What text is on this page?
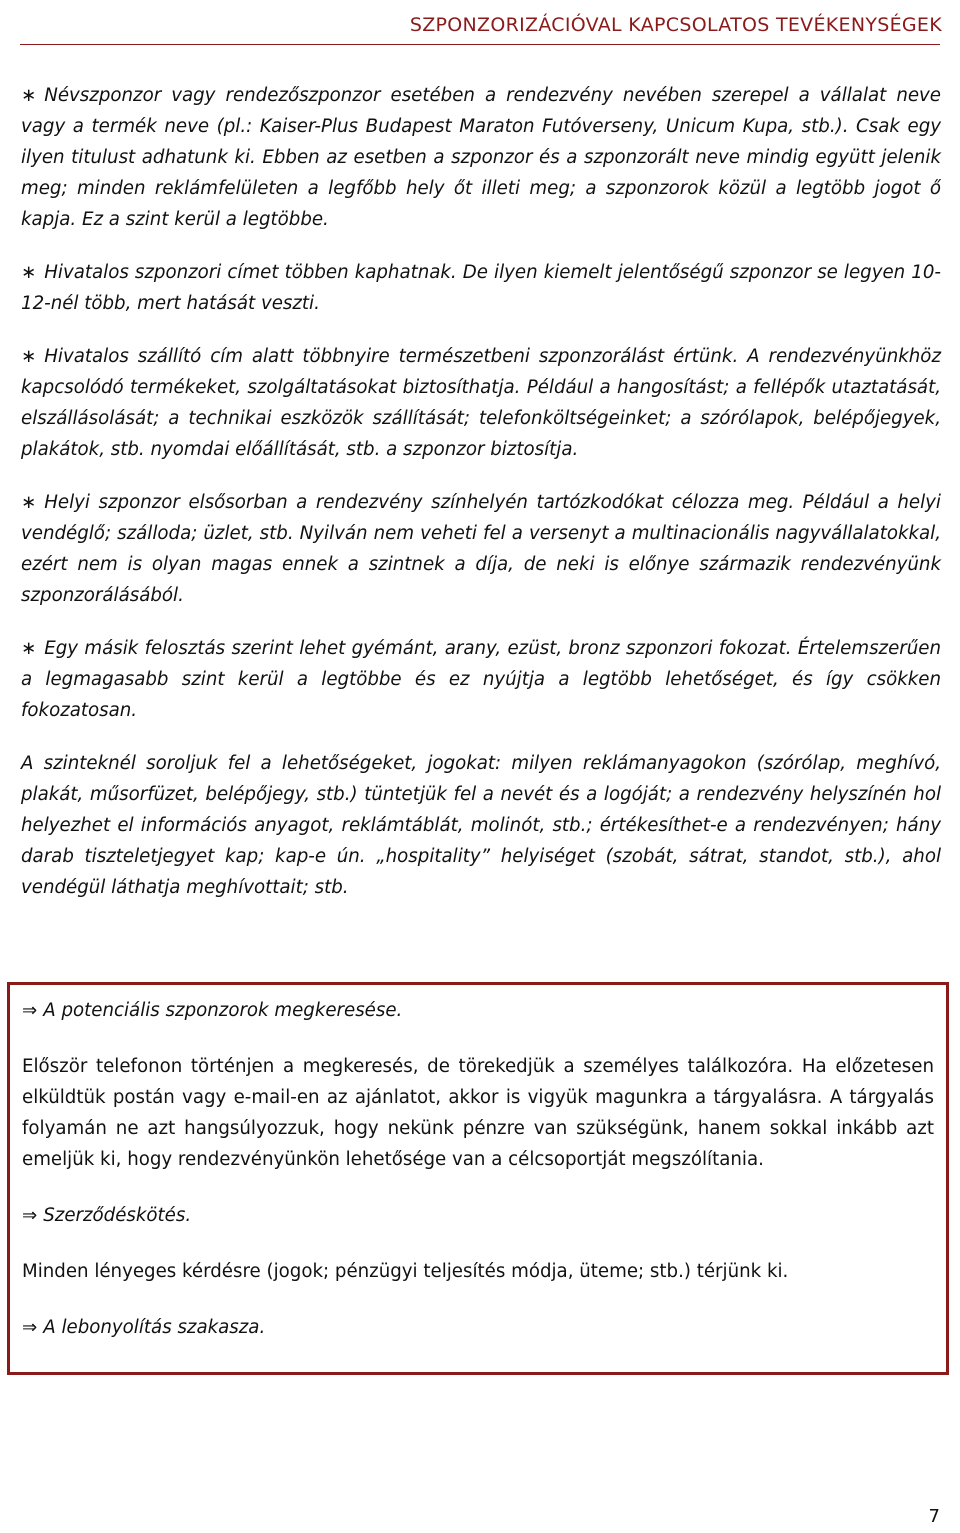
SZPONZORIZÁCIÓVAL KAPCSOLATOS TEVÉKENYSÉGEK

∗ Névszponzor vagy rendezőszponzor esetében a rendezvény nevében szerepel a vállalat neve vagy a termék neve (pl.: Kaiser-Plus Budapest Maraton Futóverseny, Unicum Kupa, stb.). Csak egy ilyen titulust adhatunk ki. Ebben az esetben a szponzor és a szponzorált neve mindig együtt jelenik meg; minden reklámfelületen a legfőbb hely őt illeti meg; a szponzorok közül a legtöbb jogot ő kapja. Ez a szint kerül a legtöbbe.

∗ Hivatalos szponzori címet többen kaphatnak. De ilyen kiemelt jelentőségű szponzor se legyen 10-12-nél több, mert hatását veszti.

∗ Hivatalos szállító cím alatt többnyire természetbeni szponzorálást értünk. A rendezvényünkhöz kapcsolódó termékeket, szolgáltatásokat biztosíthatja. Például a hangosítást; a fellépők utaztatását, elszállásolását; a technikai eszközök szállítását; telefonköltségeinket; a szórólapok, belépőjegyek, plakátok, stb. nyomdai előállítását, stb. a szponzor biztosítja.

∗ Helyi szponzor elsősorban a rendezvény színhelyén tartózkodókat célozza meg. Például a helyi vendéglő; szálloda; üzlet, stb. Nyilván nem veheti fel a versenyt a multinacionális nagyvállalatokkal, ezért nem is olyan magas ennek a szintnek a díja, de neki is előnye származik rendezvényünk szponzorálásából.

∗ Egy másik felosztás szerint lehet gyémánt, arany, ezüst, bronz szponzori fokozat. Értelemszerűen a legmagasabb szint kerül a legtöbbe és ez nyújtja a legtöbb lehetőséget, és így csökken fokozatosan.

A szinteknél soroljuk fel a lehetőségeket, jogokat: milyen reklámanyagokon (szórólap, meghívó, plakát, műsorfüzet, belépőjegy, stb.) tüntetjük fel a nevét és a logóját; a rendezvény helyszínén hol helyezhet el információs anyagot, reklámtáblát, molinót, stb.; értékesíthet-e a rendezvényen; hány darab tiszteletjegyet kap; kap-e ún. „hospitality” helyiséget (szobát, sátrat, standot, stb.), ahol vendégül láthatja meghívottait; stb.

⇒ A potenciális szponzorok megkeresése.
Először telefonon történjen a megkeresés, de törekedjük a személyes találkozóra. Ha előzetesen elküldtük postán vagy e-mail-en az ajánlatot, akkor is vigyük magunkra a tárgyalásra. A tárgyalás folyamán ne azt hangsúlyozzuk, hogy nekünk pénzre van szükségünk, hanem sokkal inkább azt emeljük ki, hogy rendezvényünkön lehetősége van a célcsoportját megszólítania.
⇒ Szerződéskötés.
Minden lényeges kérdésre (jogok; pénzügyi teljesítés módja, üteme; stb.) térjünk ki.
⇒ A lebonyolítás szakasza.
7
